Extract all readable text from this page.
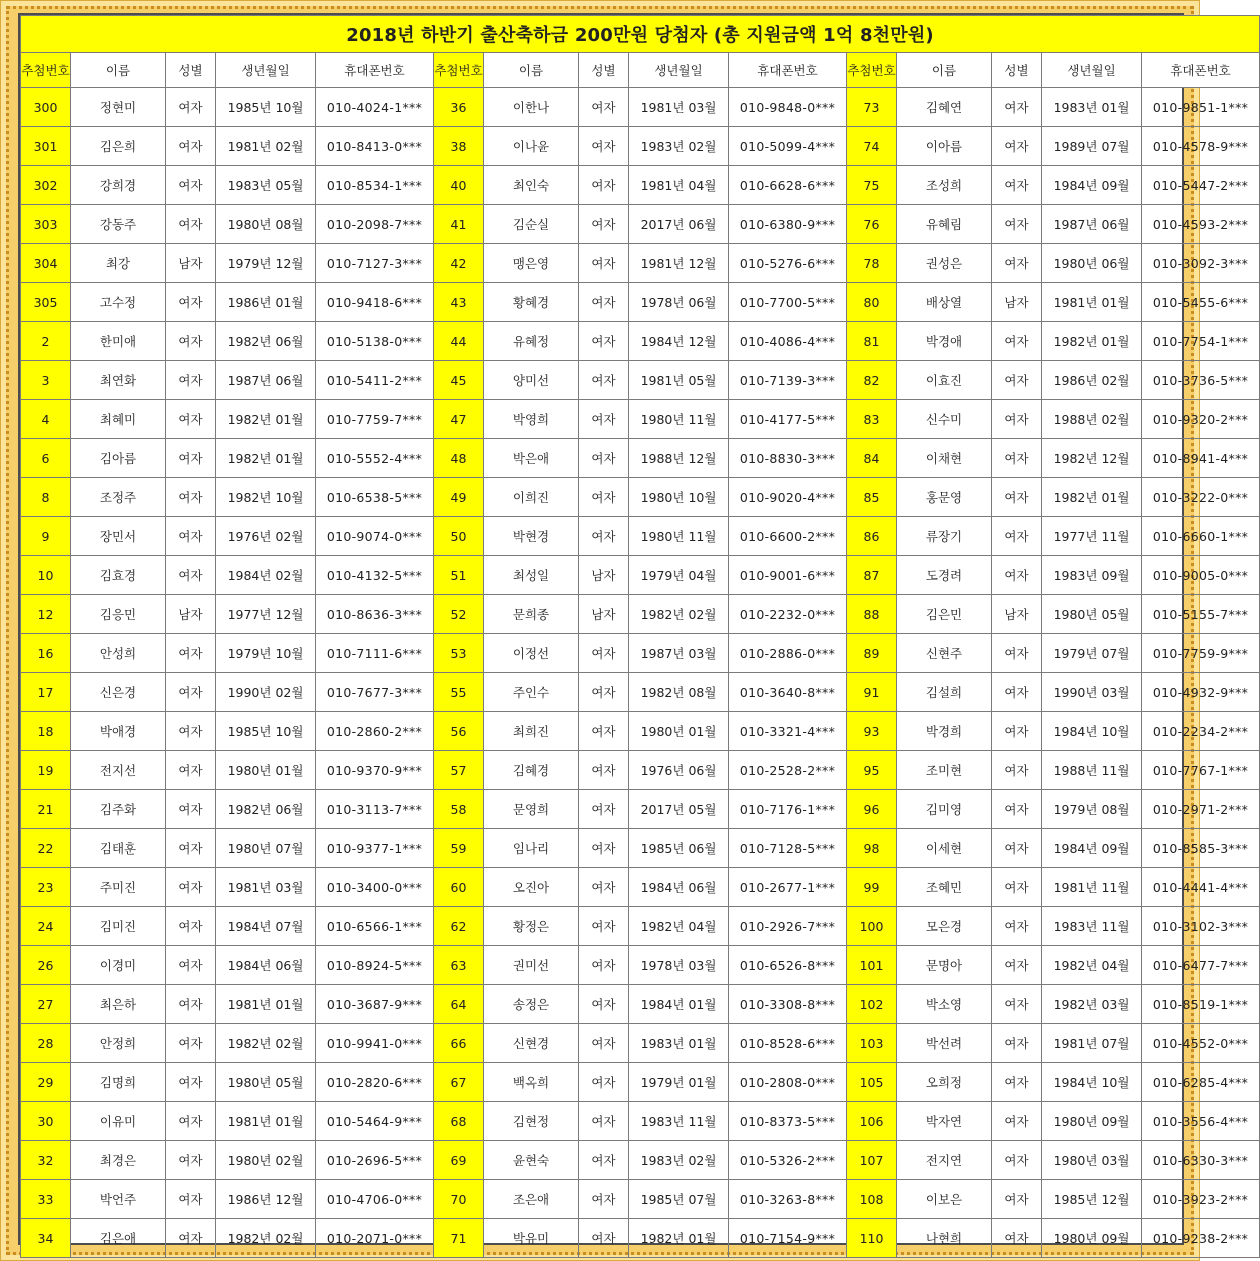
2018년 하반기 출산축하금 200만원 당첨자 (총 지원금액 1억 8천만원)														
추첨번호	이름	성별	생년월일	휴대폰번호	추첨번호	이름	성별	생년월일	휴대폰번호	추첨번호	이름	성별	생년월일	휴대폰번호
300	정현미	여자	1985년 10월	010-4024-1***	36	이한나	여자	1981년 03월	010-9848-0***	73	김혜연	여자	1983년 01월	010-9851-1***
301	김은희	여자	1981년 02월	010-8413-0***	38	이나윤	여자	1983년 02월	010-5099-4***	74	이아름	여자	1989년 07월	010-4578-9***
302	강희경	여자	1983년 05월	010-8534-1***	40	최인숙	여자	1981년 04월	010-6628-6***	75	조성희	여자	1984년 09월	010-5447-2***
303	강동주	여자	1980년 08월	010-2098-7***	41	김순실	여자	2017년 06월	010-6380-9***	76	유혜림	여자	1987년 06월	010-4593-2***
304	최강	남자	1979년 12월	010-7127-3***	42	맹은영	여자	1981년 12월	010-5276-6***	78	권성은	여자	1980년 06월	010-3092-3***
305	고수정	여자	1986년 01월	010-9418-6***	43	황혜경	여자	1978년 06월	010-7700-5***	80	배상열	남자	1981년 01월	010-5455-6***
2	한미애	여자	1982년 06월	010-5138-0***	44	유혜정	여자	1984년 12월	010-4086-4***	81	박경애	여자	1982년 01월	010-7754-1***
3	최연화	여자	1987년 06월	010-5411-2***	45	양미선	여자	1981년 05월	010-7139-3***	82	이효진	여자	1986년 02월	010-3736-5***
4	최혜미	여자	1982년 01월	010-7759-7***	47	박영희	여자	1980년 11월	010-4177-5***	83	신수미	여자	1988년 02월	010-9320-2***
6	김아름	여자	1982년 01월	010-5552-4***	48	박은애	여자	1988년 12월	010-8830-3***	84	이채현	여자	1982년 12월	010-8941-4***
8	조정주	여자	1982년 10월	010-6538-5***	49	이희진	여자	1980년 10월	010-9020-4***	85	홍문영	여자	1982년 01월	010-3222-0***
9	장민서	여자	1976년 02월	010-9074-0***	50	박현경	여자	1980년 11월	010-6600-2***	86	류장기	여자	1977년 11월	010-6660-1***
10	김효경	여자	1984년 02월	010-4132-5***	51	최성일	남자	1979년 04월	010-9001-6***	87	도경려	여자	1983년 09월	010-9005-0***
12	김응민	남자	1977년 12월	010-8636-3***	52	문희종	남자	1982년 02월	010-2232-0***	88	김은민	남자	1980년 05월	010-5155-7***
16	안성희	여자	1979년 10월	010-7111-6***	53	이정선	여자	1987년 03월	010-2886-0***	89	신현주	여자	1979년 07월	010-7759-9***
17	신은경	여자	1990년 02월	010-7677-3***	55	주인수	여자	1982년 08월	010-3640-8***	91	김설희	여자	1990년 03월	010-4932-9***
18	박애경	여자	1985년 10월	010-2860-2***	56	최희진	여자	1980년 01월	010-3321-4***	93	박경희	여자	1984년 10월	010-2234-2***
19	전지선	여자	1980년 01월	010-9370-9***	57	김혜경	여자	1976년 06월	010-2528-2***	95	조미현	여자	1988년 11월	010-7767-1***
21	김주화	여자	1982년 06월	010-3113-7***	58	문영희	여자	2017년 05월	010-7176-1***	96	김미영	여자	1979년 08월	010-2971-2***
22	김태훈	여자	1980년 07월	010-9377-1***	59	임나리	여자	1985년 06월	010-7128-5***	98	이세현	여자	1984년 09월	010-8585-3***
23	주미진	여자	1981년 03월	010-3400-0***	60	오진아	여자	1984년 06월	010-2677-1***	99	조혜민	여자	1981년 11월	010-4441-4***
24	김미진	여자	1984년 07월	010-6566-1***	62	황정은	여자	1982년 04월	010-2926-7***	100	모은경	여자	1983년 11월	010-3102-3***
26	이경미	여자	1984년 06월	010-8924-5***	63	권미선	여자	1978년 03월	010-6526-8***	101	문명아	여자	1982년 04월	010-6477-7***
27	최은하	여자	1981년 01월	010-3687-9***	64	송정은	여자	1984년 01월	010-3308-8***	102	박소영	여자	1982년 03월	010-8519-1***
28	안정희	여자	1982년 02월	010-9941-0***	66	신현경	여자	1983년 01월	010-8528-6***	103	박선려	여자	1981년 07월	010-4552-0***
29	김명희	여자	1980년 05월	010-2820-6***	67	백옥희	여자	1979년 01월	010-2808-0***	105	오희정	여자	1984년 10월	010-6285-4***
30	이유미	여자	1981년 01월	010-5464-9***	68	김현정	여자	1983년 11월	010-8373-5***	106	박자연	여자	1980년 09월	010-3556-4***
32	최경은	여자	1980년 02월	010-2696-5***	69	윤현숙	여자	1983년 02월	010-5326-2***	107	전지연	여자	1980년 03월	010-6330-3***
33	박언주	여자	1986년 12월	010-4706-0***	70	조은애	여자	1985년 07월	010-3263-8***	108	이보은	여자	1985년 12월	010-3923-2***
34	김은애	여자	1982년 02월	010-2071-0***	71	박유미	여자	1982년 01월	010-7154-9***	110	나현희	여자	1980년 09월	010-9238-2***
